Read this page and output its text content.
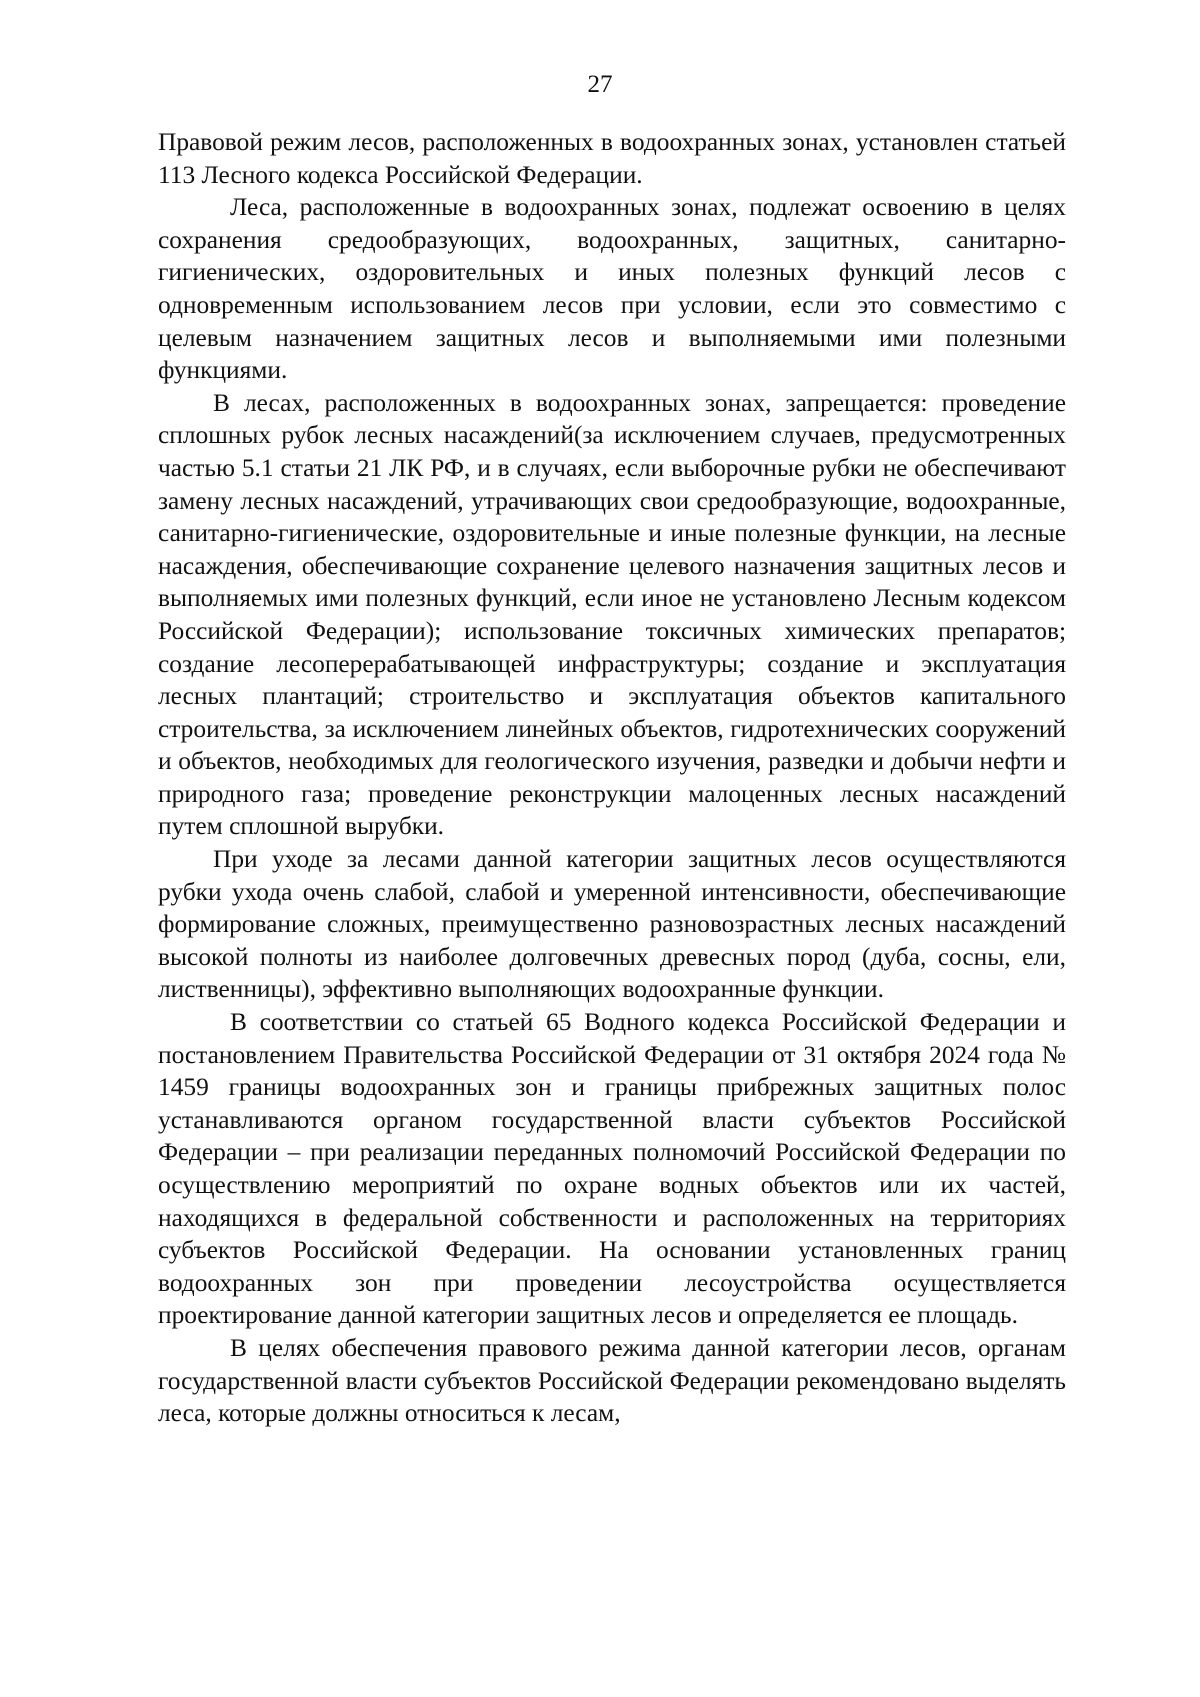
27

Правовой режим лесов, расположенных в водоохранных зонах, установлен статьей 113 Лесного кодекса Российской Федерации.

Леса, расположенные в водоохранных зонах, подлежат освоению в целях сохранения средообразующих, водоохранных, защитных, санитарно-гигиенических, оздоровительных и иных полезных функций лесов с одновременным использованием лесов при условии, если это совместимо с целевым назначением защитных лесов и выполняемыми ими полезными функциями.

В лесах, расположенных в водоохранных зонах, запрещается: проведение сплошных рубок лесных насаждений(за исключением случаев, предусмотренных частью 5.1 статьи 21 ЛК РФ, и в случаях, если выборочные рубки не обеспечивают замену лесных насаждений, утрачивающих свои средообразующие, водоохранные, санитарно-гигиенические, оздоровительные и иные полезные функции, на лесные насаждения, обеспечивающие сохранение целевого назначения защитных лесов и выполняемых ими полезных функций, если иное не установлено Лесным кодексом Российской Федерации); использование токсичных химических препаратов; создание лесоперерабатывающей инфраструктуры; создание и эксплуатация лесных плантаций; строительство и эксплуатация объектов капитального строительства, за исключением линейных объектов, гидротехнических сооружений и объектов, необходимых для геологического изучения, разведки и добычи нефти и природного газа; проведение реконструкции малоценных лесных насаждений путем сплошной вырубки.

При уходе за лесами данной категории защитных лесов осуществляются рубки ухода очень слабой, слабой и умеренной интенсивности, обеспечивающие формирование сложных, преимущественно разновозрастных лесных насаждений высокой полноты из наиболее долговечных древесных пород (дуба, сосны, ели, лиственницы), эффективно выполняющих водоохранные функции.

В соответствии со статьей 65 Водного кодекса Российской Федерации и постановлением Правительства Российской Федерации от 31 октября 2024 года № 1459 границы водоохранных зон и границы прибрежных защитных полос устанавливаются органом государственной власти субъектов Российской Федерации – при реализации переданных полномочий Российской Федерации по осуществлению мероприятий по охране водных объектов или их частей, находящихся в федеральной собственности и расположенных на территориях субъектов Российской Федерации. На основании установленных границ водоохранных зон при проведении лесоустройства осуществляется проектирование данной категории защитных лесов и определяется ее площадь.

В целях обеспечения правового режима данной категории лесов, органам государственной власти субъектов Российской Федерации рекомендовано выделять леса, которые должны относиться к лесам,
